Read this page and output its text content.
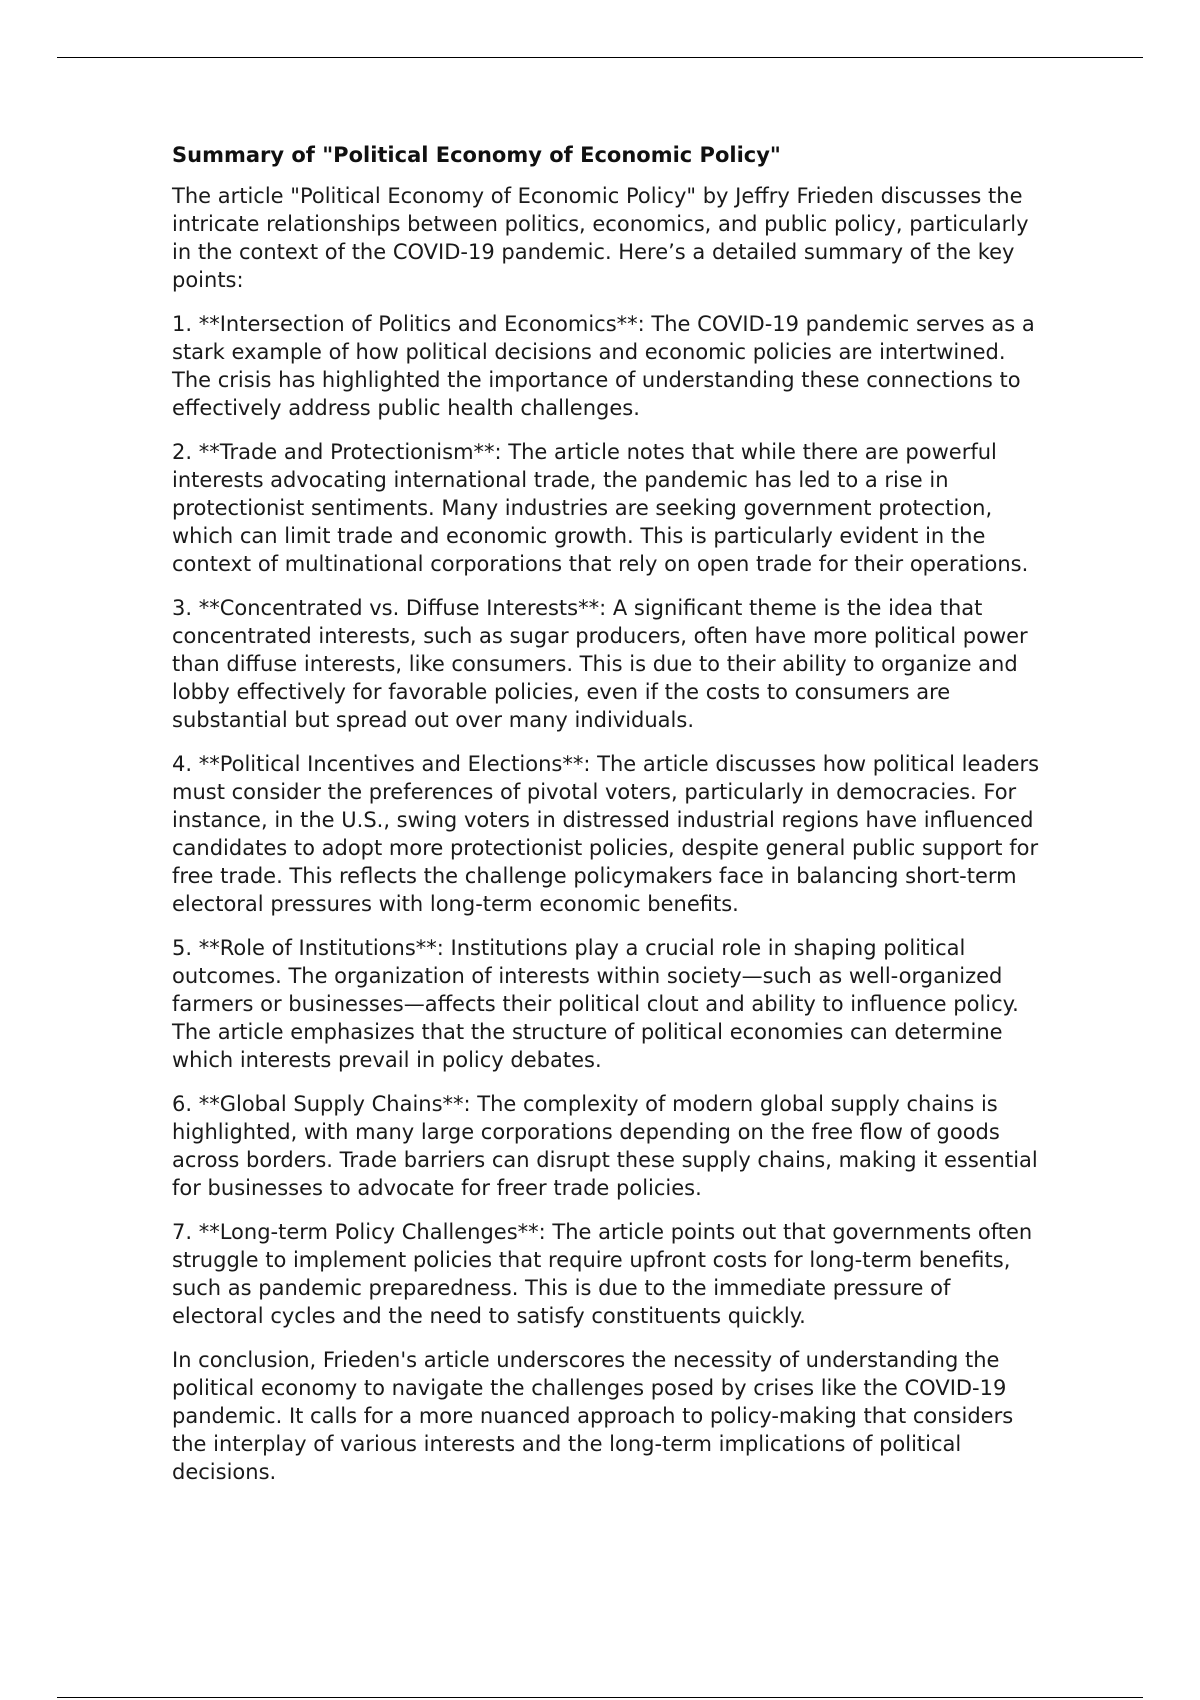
Summary of "Political Economy of Economic Policy"

The article "Political Economy of Economic Policy" by Jeffry Frieden discusses the intricate relationships between politics, economics, and public policy, particularly in the context of the COVID-19 pandemic. Here’s a detailed summary of the key points:

1. **Intersection of Politics and Economics**: The COVID-19 pandemic serves as a stark example of how political decisions and economic policies are intertwined. The crisis has highlighted the importance of understanding these connections to effectively address public health challenges.

2. **Trade and Protectionism**: The article notes that while there are powerful interests advocating international trade, the pandemic has led to a rise in protectionist sentiments. Many industries are seeking government protection, which can limit trade and economic growth. This is particularly evident in the context of multinational corporations that rely on open trade for their operations.

3. **Concentrated vs. Diffuse Interests**: A significant theme is the idea that concentrated interests, such as sugar producers, often have more political power than diffuse interests, like consumers. This is due to their ability to organize and lobby effectively for favorable policies, even if the costs to consumers are substantial but spread out over many individuals.

4. **Political Incentives and Elections**: The article discusses how political leaders must consider the preferences of pivotal voters, particularly in democracies. For instance, in the U.S., swing voters in distressed industrial regions have influenced candidates to adopt more protectionist policies, despite general public support for free trade. This reflects the challenge policymakers face in balancing short-term electoral pressures with long-term economic benefits.

5. **Role of Institutions**: Institutions play a crucial role in shaping political outcomes. The organization of interests within society—such as well-organized farmers or businesses—affects their political clout and ability to influence policy. The article emphasizes that the structure of political economies can determine which interests prevail in policy debates.

6. **Global Supply Chains**: The complexity of modern global supply chains is highlighted, with many large corporations depending on the free flow of goods across borders. Trade barriers can disrupt these supply chains, making it essential for businesses to advocate for freer trade policies.

7. **Long-term Policy Challenges**: The article points out that governments often struggle to implement policies that require upfront costs for long-term benefits, such as pandemic preparedness. This is due to the immediate pressure of electoral cycles and the need to satisfy constituents quickly.

In conclusion, Frieden's article underscores the necessity of understanding the political economy to navigate the challenges posed by crises like the COVID-19 pandemic. It calls for a more nuanced approach to policy-making that considers the interplay of various interests and the long-term implications of political decisions.
